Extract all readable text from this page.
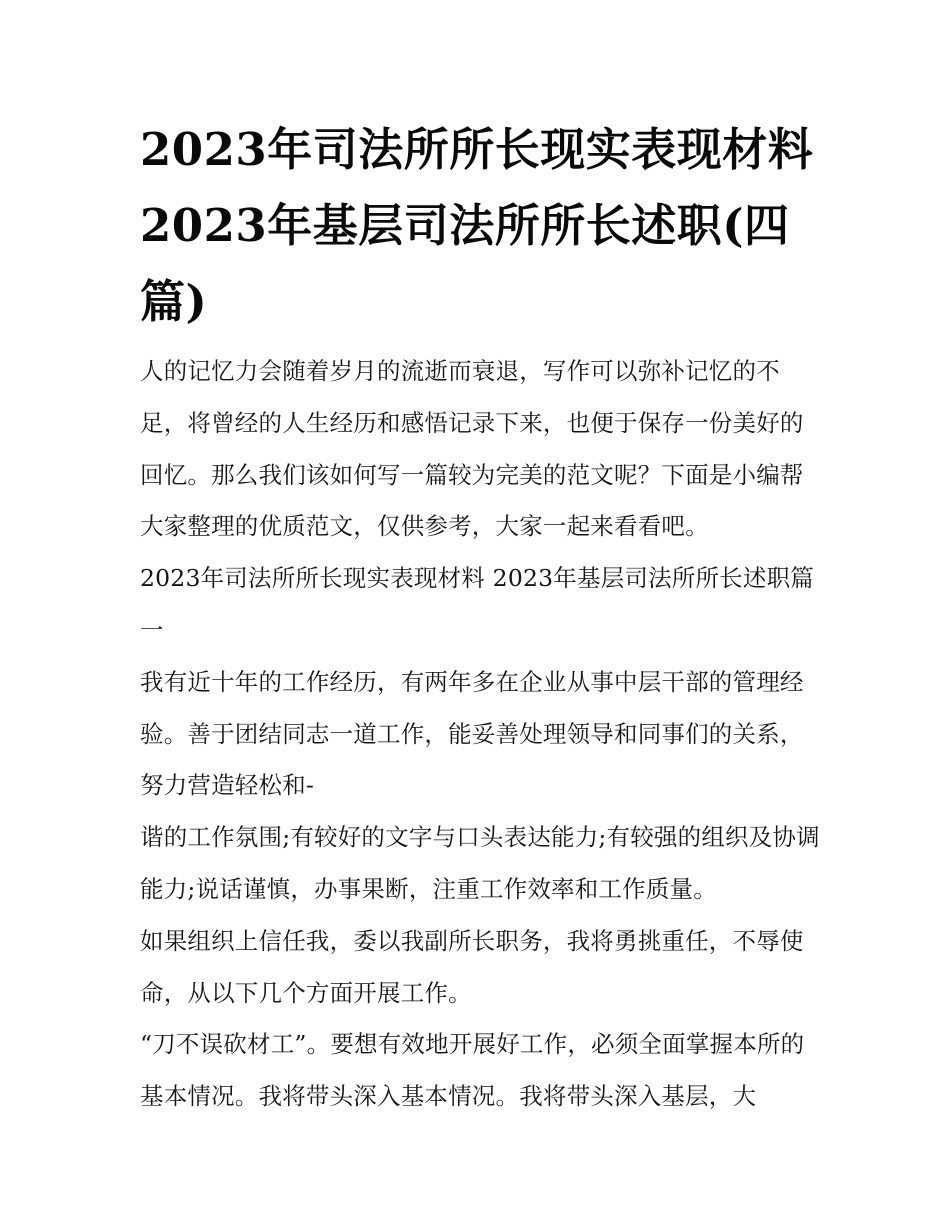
2023年司法所所长现实表现材料 2023年基层司法所所长述职(四篇)

人的记忆力会随着岁月的流逝而衰退，写作可以弥补记忆的不足，将曾经的人生经历和感悟记录下来，也便于保存一份美好的回忆。那么我们该如何写一篇较为完美的范文呢？下面是小编帮大家整理的优质范文，仅供参考，大家一起来看看吧。

2023年司法所所长现实表现材料 2023年基层司法所所长述职篇一

我有近十年的工作经历，有两年多在企业从事中层干部的管理经验。善于团结同志一道工作，能妥善处理领导和同事们的关系，努力营造轻松和-

谐的工作氛围;有较好的文字与口头表达能力;有较强的组织及协调能力;说话谨慎，办事果断，注重工作效率和工作质量。

如果组织上信任我，委以我副所长职务，我将勇挑重任，不辱使命，从以下几个方面开展工作。

“刀不误砍材工”。要想有效地开展好工作，必须全面掌握本所的基本情况。我将带头深入基本情况。我将带头深入基层，大
